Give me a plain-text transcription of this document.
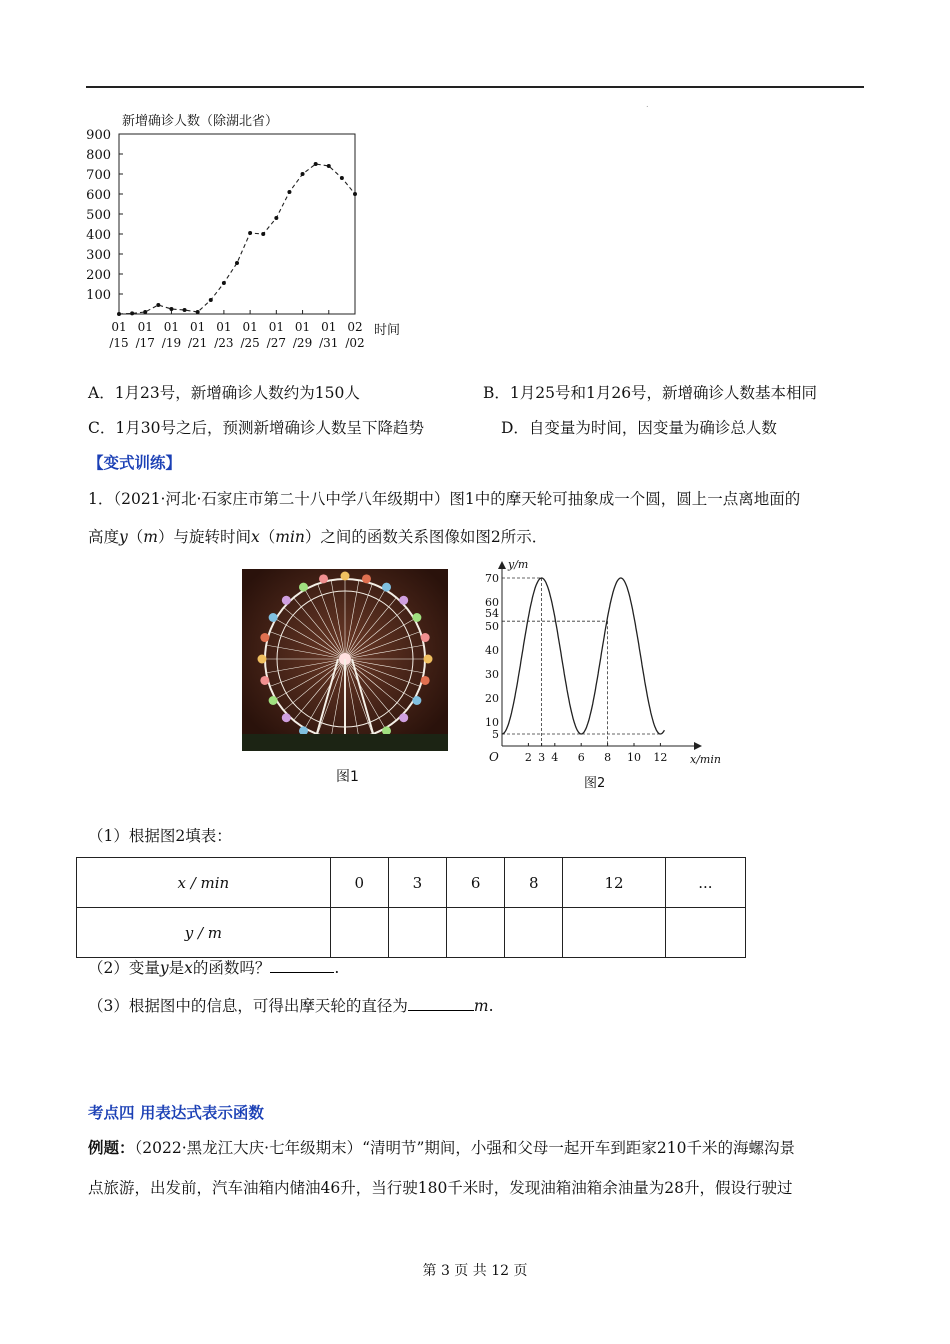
.
新增确诊人数（除湖北省）
100
200
300
400
500
600
700
800
900
01
/15
01
/17
01
/19
01
/21
01
/23
01
/25
01
/27
01
/29
01
/31
02
/02
时间
A．1月23号，新增确诊人数约为150人	B．1月25号和1月26号，新增确诊人数基本相同
C．1月30号之后，预测新增确诊人数呈下降趋势	D．自变量为时间，因变量为确诊总人数
【变式训练】
1．（2021·河北·石家庄市第二十八中学八年级期中）图1中的摩天轮可抽象成一个圆，圆上一点离地面的
高度y（m）与旋转时间x（min）之间的函数关系图像如图2所示．
图1
70
60
54
50
40
30
20
10
5
2 3 4 6 8 10 12
y/m
x/min
O
图2
（1）根据图2填表：
x / min	0	3	6	8	12	...
y / m						
（2）变量y是x的函数吗？	.
（3）根据图中的信息，可得出摩天轮的直径为	m.
考点四 用表达式表示函数
例题：（2022·黑龙江大庆·七年级期末）“清明节”期间，小强和父母一起开车到距家210千米的海螺沟景
点旅游，出发前，汽车油箱内储油46升，当行驶180千米时，发现油箱油箱余油量为28升，假设行驶过
第 3 页 共 12 页
